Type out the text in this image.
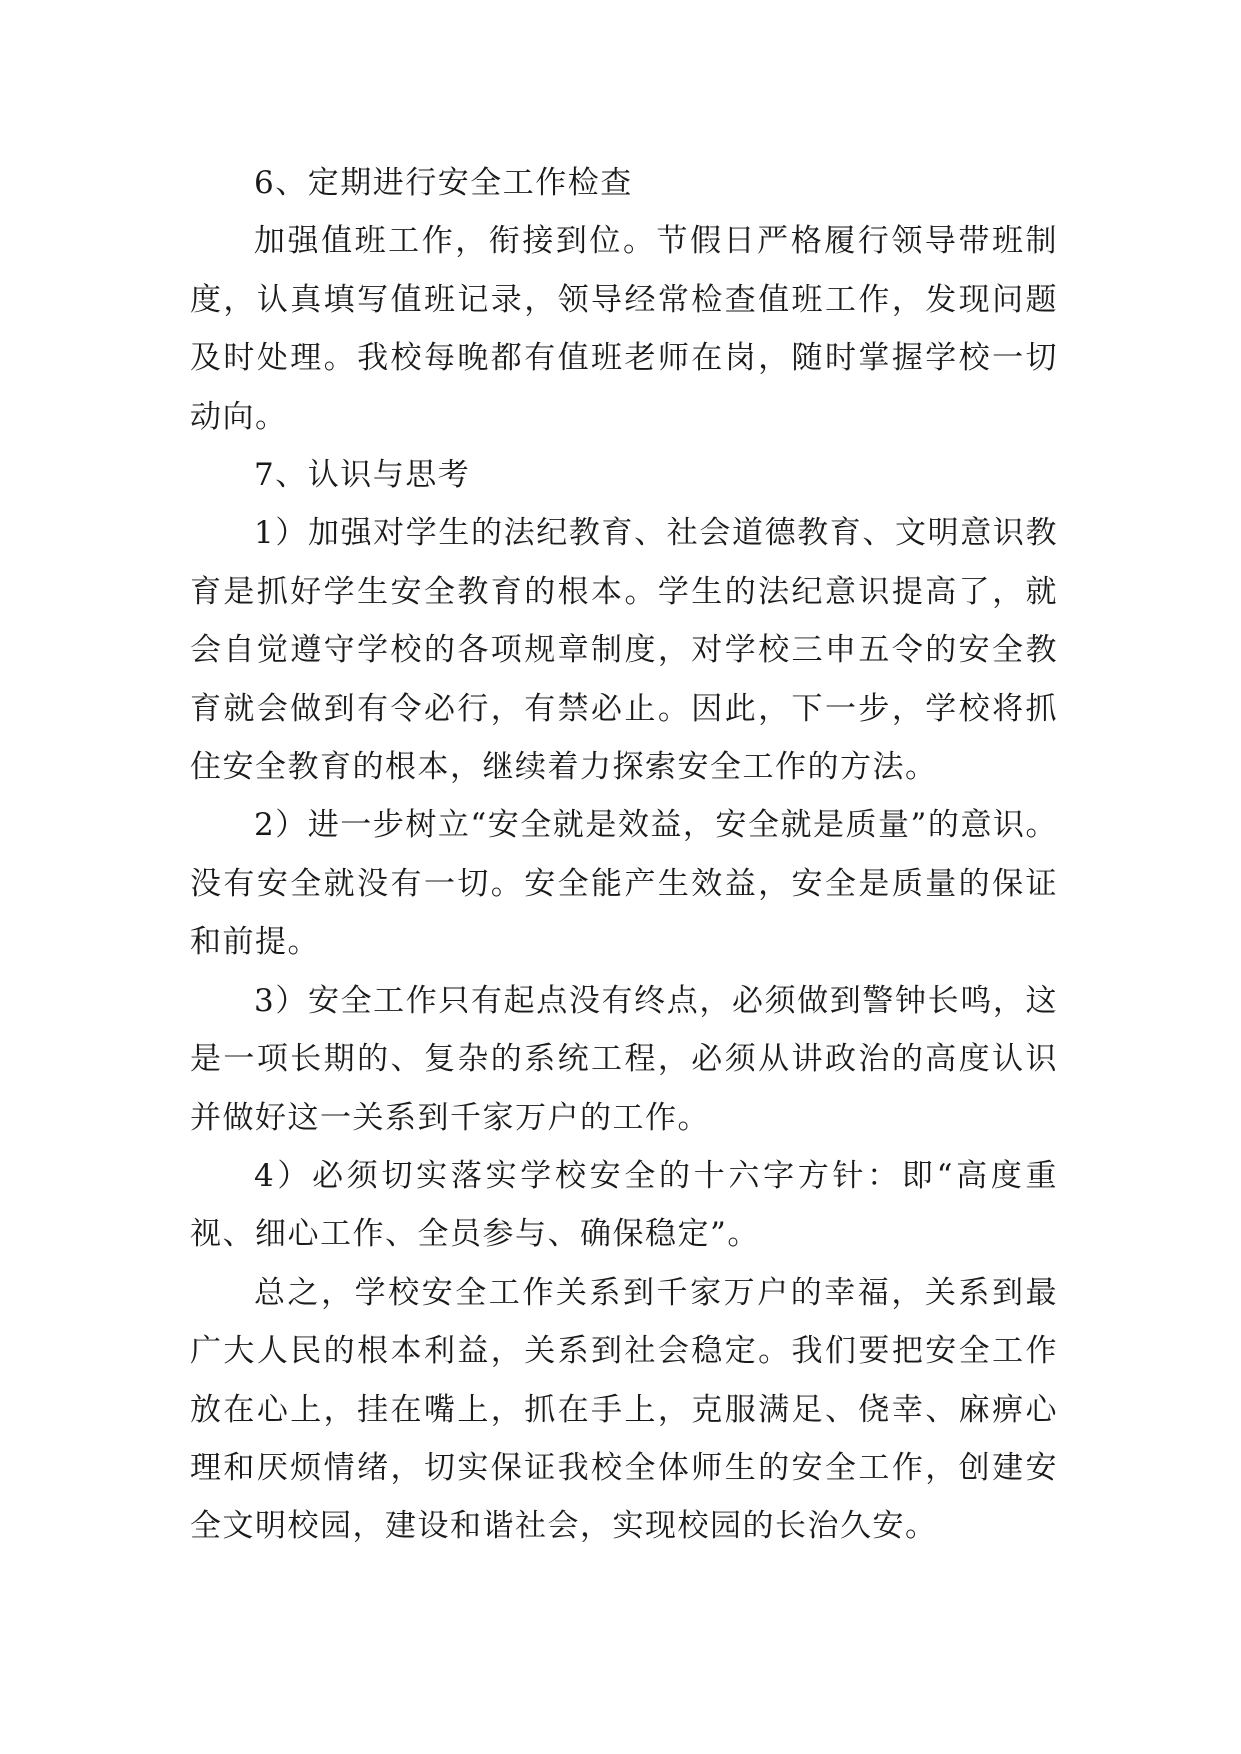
6、定期进行安全工作检查

加强值班工作，衔接到位。节假日严格履行领导带班制度，认真填写值班记录，领导经常检查值班工作，发现问题及时处理。我校每晚都有值班老师在岗，随时掌握学校一切动向。

7、认识与思考

1）加强对学生的法纪教育、社会道德教育、文明意识教育是抓好学生安全教育的根本。学生的法纪意识提高了，就会自觉遵守学校的各项规章制度，对学校三申五令的安全教育就会做到有令必行，有禁必止。因此，下一步，学校将抓住安全教育的根本，继续着力探索安全工作的方法。

2）进一步树立“安全就是效益，安全就是质量”的意识。没有安全就没有一切。安全能产生效益，安全是质量的保证和前提。

3）安全工作只有起点没有终点，必须做到警钟长鸣，这是一项长期的、复杂的系统工程，必须从讲政治的高度认识并做好这一关系到千家万户的工作。

4）必须切实落实学校安全的十六字方针：即“高度重视、细心工作、全员参与、确保稳定”。

总之，学校安全工作关系到千家万户的幸福，关系到最广大人民的根本利益，关系到社会稳定。我们要把安全工作放在心上，挂在嘴上，抓在手上，克服满足、侥幸、麻痹心理和厌烦情绪，切实保证我校全体师生的安全工作，创建安全文明校园，建设和谐社会，实现校园的长治久安。
